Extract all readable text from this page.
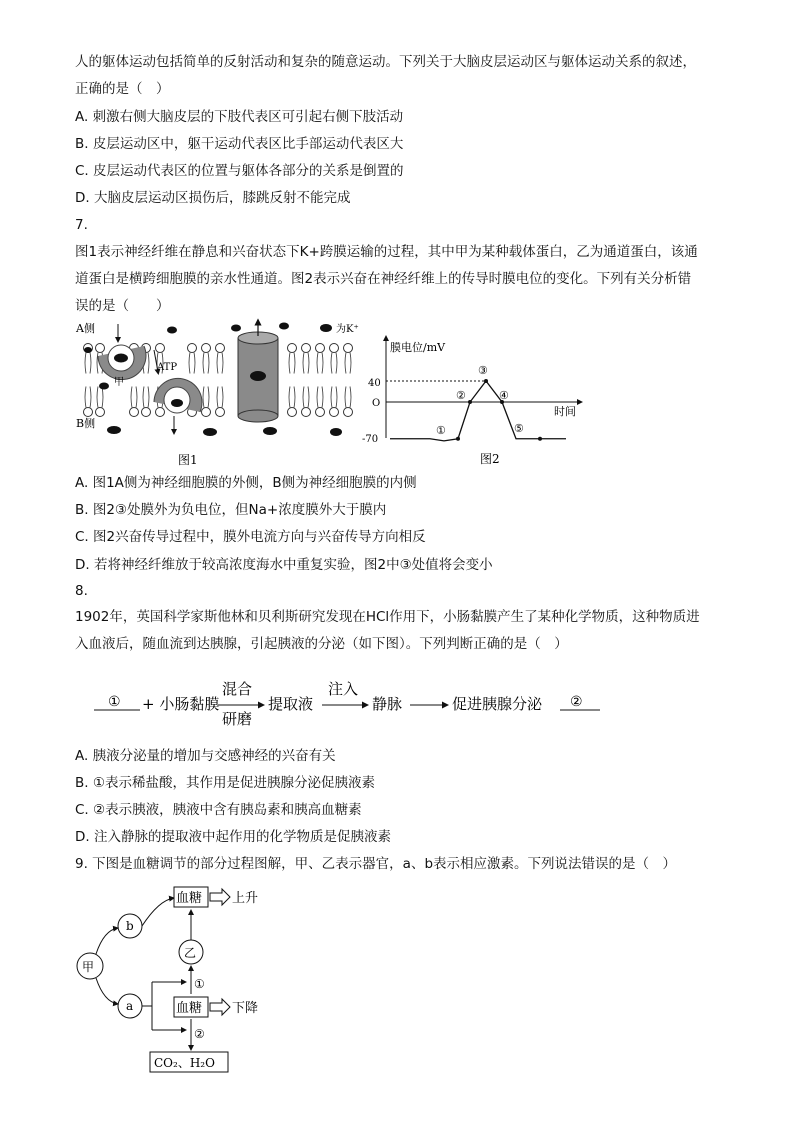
人的躯体运动包括简单的反射活动和复杂的随意运动。下列关于大脑皮层运动区与躯体运动关系的叙述，
正确的是（　）
A. 刺激右侧大脑皮层的下肢代表区可引起右侧下肢活动
B. 皮层运动区中，躯干运动代表区比手部运动代表区大
C. 皮层运动代表区的位置与躯体各部分的关系是倒置的
D. 大脑皮层运动区损伤后，膝跳反射不能完成
7.
图1表示神经纤维在静息和兴奋状态下K+跨膜运输的过程，其中甲为某种载体蛋白，乙为通道蛋白，该通
道蛋白是横跨细胞膜的亲水性通道。图2表示兴奋在神经纤维上的传导时膜电位的变化。下列有关分析错
误的是（　　）
A侧
B侧
ATP
甲
为K⁺
图1
膜电位/mV
时间
40
O
-70
①
②
③
④
⑤
图2
A. 图1A侧为神经细胞膜的外侧，B侧为神经细胞膜的内侧
B. 图2③处膜外为负电位，但Na+浓度膜外大于膜内
C. 图2兴奋传导过程中，膜外电流方向与兴奋传导方向相反
D. 若将神经纤维放于较高浓度海水中重复实验，图2中③处值将会变小
8.
1902年，英国科学家斯他林和贝利斯研究发现在HCl作用下，小肠黏膜产生了某种化学物质，这种物质进
入血液后，随血流到达胰腺，引起胰液的分泌（如下图）。下列判断正确的是（　）
① + 小肠黏膜
混合
研磨
提取液
注入
静脉	促进胰腺分泌 ②
A. 胰液分泌量的增加与交感神经的兴奋有关
B. ①表示稀盐酸，其作用是促进胰腺分泌促胰液素
C. ②表示胰液，胰液中含有胰岛素和胰高血糖素
D. 注入静脉的提取液中起作用的化学物质是促胰液素
9. 下图是血糖调节的部分过程图解，甲、乙表示器官，a、b表示相应激素。下列说法错误的是（　）
甲
b
a
血糖 上升
乙
①
血糖 下降
②
CO₂、H₂O
